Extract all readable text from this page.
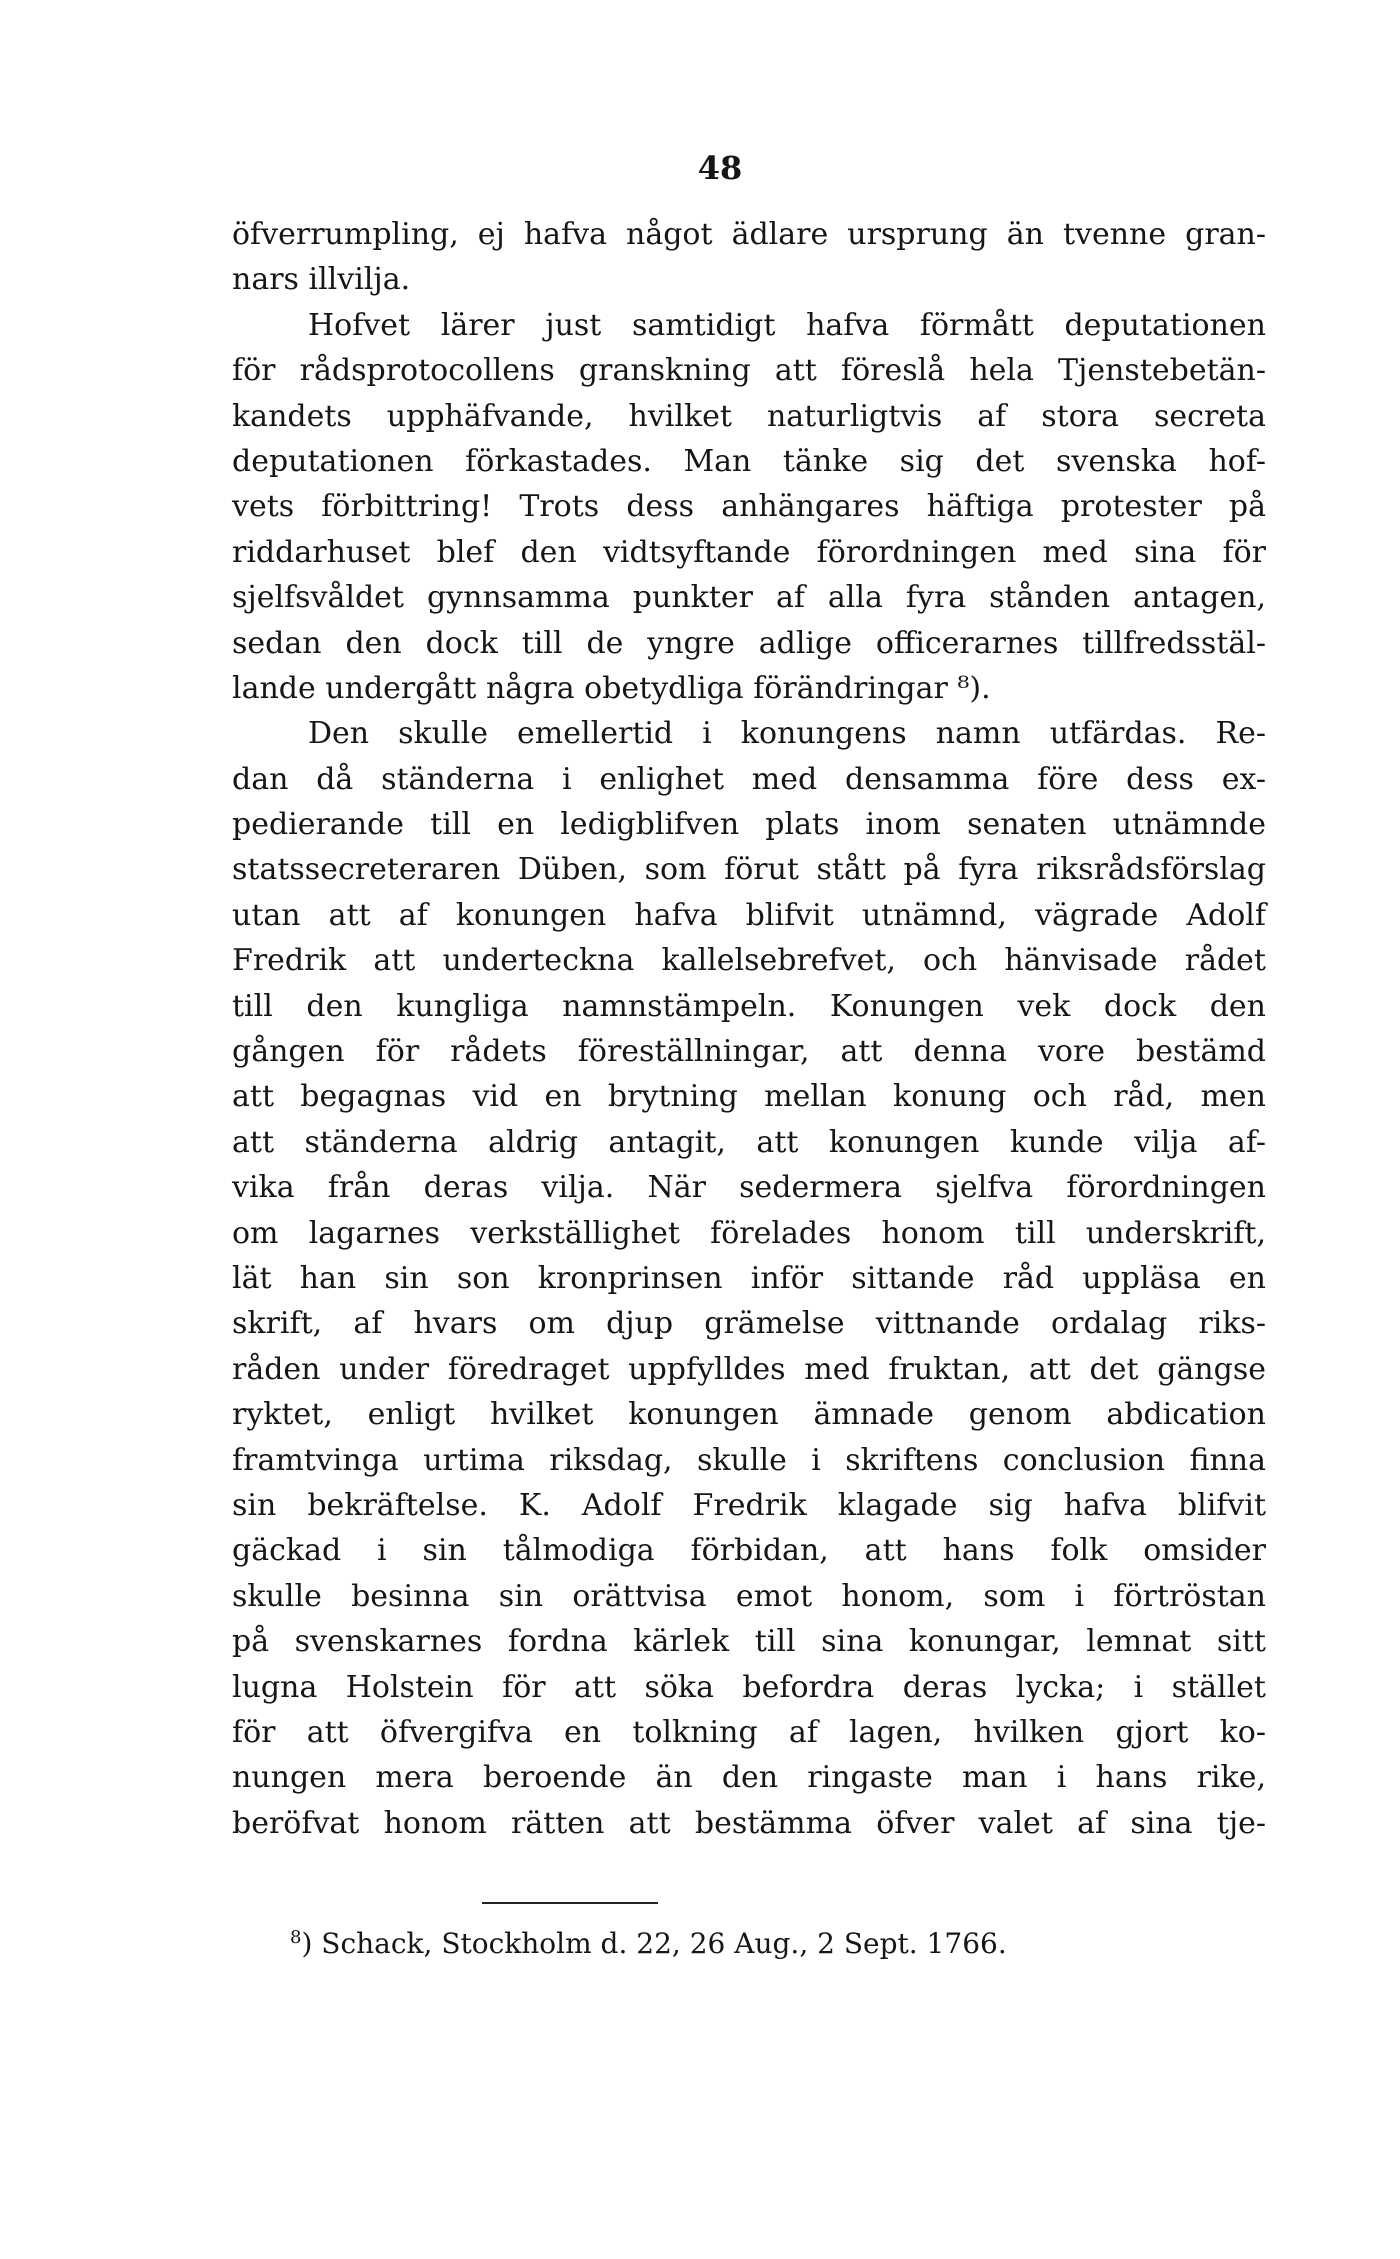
48
öfverrumpling, ej hafva något ädlare ursprung än tvenne gran-
nars illvilja.
Hofvet lärer just samtidigt hafva förmått deputationen
för rådsprotocollens granskning att föreslå hela Tjenstebetän-
kandets upphäfvande, hvilket naturligtvis af stora secreta
deputationen förkastades. Man tänke sig det svenska hof-
vets förbittring! Trots dess anhängares häftiga protester på
riddarhuset blef den vidtsyftande förordningen med sina för
sjelfsvåldet gynnsamma punkter af alla fyra stånden antagen,
sedan den dock till de yngre adlige officerarnes tillfredsstäl-
lande undergått några obetydliga förändringar ⁸).
Den skulle emellertid i konungens namn utfärdas. Re-
dan då ständerna i enlighet med densamma före dess ex-
pedierande till en ledigblifven plats inom senaten utnämnde
statssecreteraren Düben, som förut stått på fyra riksrådsförslag
utan att af konungen hafva blifvit utnämnd, vägrade Adolf
Fredrik att underteckna kallelsebrefvet, och hänvisade rådet
till den kungliga namnstämpeln. Konungen vek dock den
gången för rådets föreställningar, att denna vore bestämd
att begagnas vid en brytning mellan konung och råd, men
att ständerna aldrig antagit, att konungen kunde vilja af-
vika från deras vilja. När sedermera sjelfva förordningen
om lagarnes verkställighet förelades honom till underskrift,
lät han sin son kronprinsen inför sittande råd uppläsa en
skrift, af hvars om djup grämelse vittnande ordalag riks-
råden under föredraget uppfylldes med fruktan, att det gängse
ryktet, enligt hvilket konungen ämnade genom abdication
framtvinga urtima riksdag, skulle i skriftens conclusion finna
sin bekräftelse. K. Adolf Fredrik klagade sig hafva blifvit
gäckad i sin tålmodiga förbidan, att hans folk omsider
skulle besinna sin orättvisa emot honom, som i förtröstan
på svenskarnes fordna kärlek till sina konungar, lemnat sitt
lugna Holstein för att söka befordra deras lycka; i stället
för att öfvergifva en tolkning af lagen, hvilken gjort ko-
nungen mera beroende än den ringaste man i hans rike,
beröfvat honom rätten att bestämma öfver valet af sina tje-
$^8$) Schack, Stockholm d. 22, 26 Aug., 2 Sept. 1766.
